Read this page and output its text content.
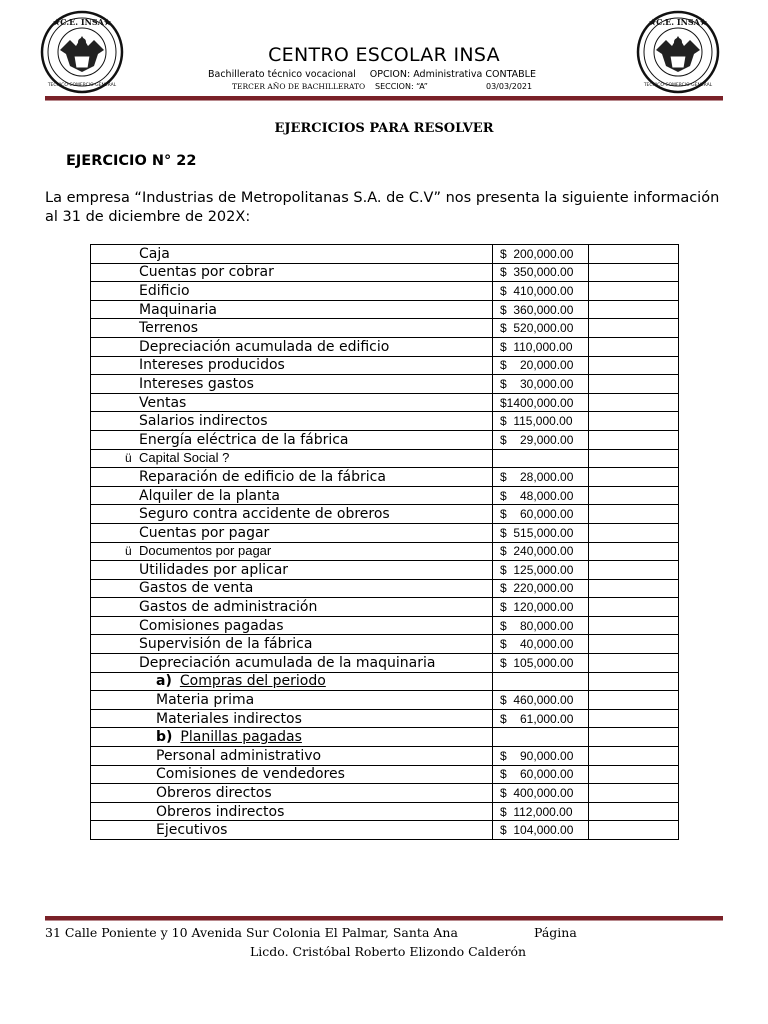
★C.E. INSA★
TECNICO·COMERCIO·GENERAL
★C.E. INSA★
TECNICO·COMERCIO·GENERAL
CENTRO ESCOLAR INSA
Bachillerato técnico vocacional OPCION: Administrativa CONTABLE
TERCER AÑO DE BACHILLERATO SECCION: “A”	03/03/2021
EJERCICIOS PARA RESOLVER
EJERCICIO N° 22
La empresa “Industrias de Metropolitanas S.A. de C.V” nos presenta la siguiente información al 31 de diciembre de 202X:
Caja	$  200,000.00	
Cuentas por cobrar	$  350,000.00	
Edificio	$  410,000.00	
Maquinaria	$  360,000.00	
Terrenos	$  520,000.00	
Depreciación acumulada de edificio	$  110,000.00	
Intereses producidos	$    20,000.00	
Intereses gastos	$    30,000.00	
Ventas	$1400,000.00	
Salarios indirectos	$  115,000.00	
Energía eléctrica de la fábrica	$    29,000.00	
ü Capital Social ?		
Reparación de edificio de la fábrica	$    28,000.00	
Alquiler de la planta	$    48,000.00	
Seguro contra accidente de obreros	$    60,000.00	
Cuentas por pagar	$  515,000.00	
ü Documentos por pagar	$  240,000.00	
Utilidades por aplicar	$  125,000.00	
Gastos de venta	$  220,000.00	
Gastos de administración	$  120,000.00	
Comisiones pagadas	$    80,000.00	
Supervisión de la fábrica	$    40,000.00	
Depreciación acumulada de la maquinaria	$  105,000.00	
a) Compras del periodo		
Materia prima	$  460,000.00	
Materiales indirectos	$    61,000.00	
b) Planillas pagadas		
Personal administrativo	$    90,000.00	
Comisiones de vendedores	$    60,000.00	
Obreros directos	$  400,000.00	
Obreros indirectos	$  112,000.00	
Ejecutivos	$  104,000.00	
31 Calle Poniente y 10 Avenida Sur Colonia El Palmar, Santa Ana	Página
Licdo. Cristóbal Roberto Elizondo Calderón
